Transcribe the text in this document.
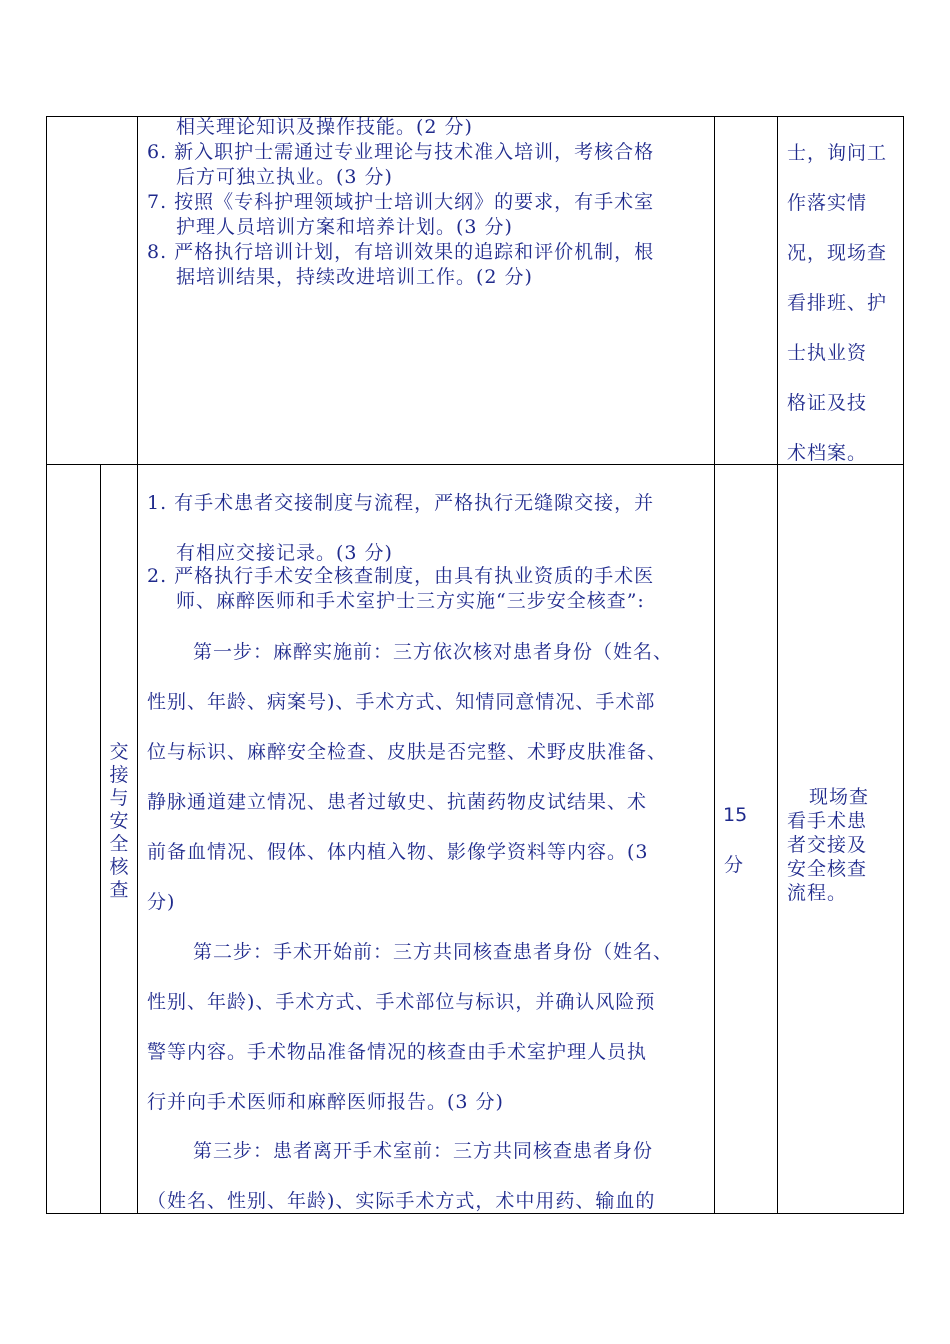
相关理论知识及操作技能。(2 分)

6. 新入职护士需通过专业理论与技术准入培训，考核合格

后方可独立执业。(3 分)

7. 按照《专科护理领域护士培训大纲》的要求，有手术室

护理人员培训方案和培养计划。(3 分)

8. 严格执行培训计划，有培训效果的追踪和评价机制，根

据培训结果，持续改进培训工作。(2 分)

士，询问工

作落实情

况，现场查

看排班、护

士执业资

格证及技

术档案。

交接与安全核查

1. 有手术患者交接制度与流程，严格执行无缝隙交接，并

有相应交接记录。(3 分)

2. 严格执行手术安全核查制度，由具有执业资质的手术医

师、麻醉医师和手术室护士三方实施“三步安全核查”:

第一步：麻醉实施前：三方依次核对患者身份（姓名、

性别、年龄、病案号)、手术方式、知情同意情况、手术部

位与标识、麻醉安全检查、皮肤是否完整、术野皮肤准备、

静脉通道建立情况、患者过敏史、抗菌药物皮试结果、术

前备血情况、假体、体内植入物、影像学资料等内容。(3

分)

第二步：手术开始前：三方共同核查患者身份（姓名、

性别、年龄)、手术方式、手术部位与标识，并确认风险预

警等内容。手术物品准备情况的核查由手术室护理人员执

行并向手术医师和麻醉医师报告。(3 分)

第三步：患者离开手术室前：三方共同核查患者身份

（姓名、性别、年龄)、实际手术方式，术中用药、输血的

15
分

现场查

看手术患

者交接及

安全核查

流程。
